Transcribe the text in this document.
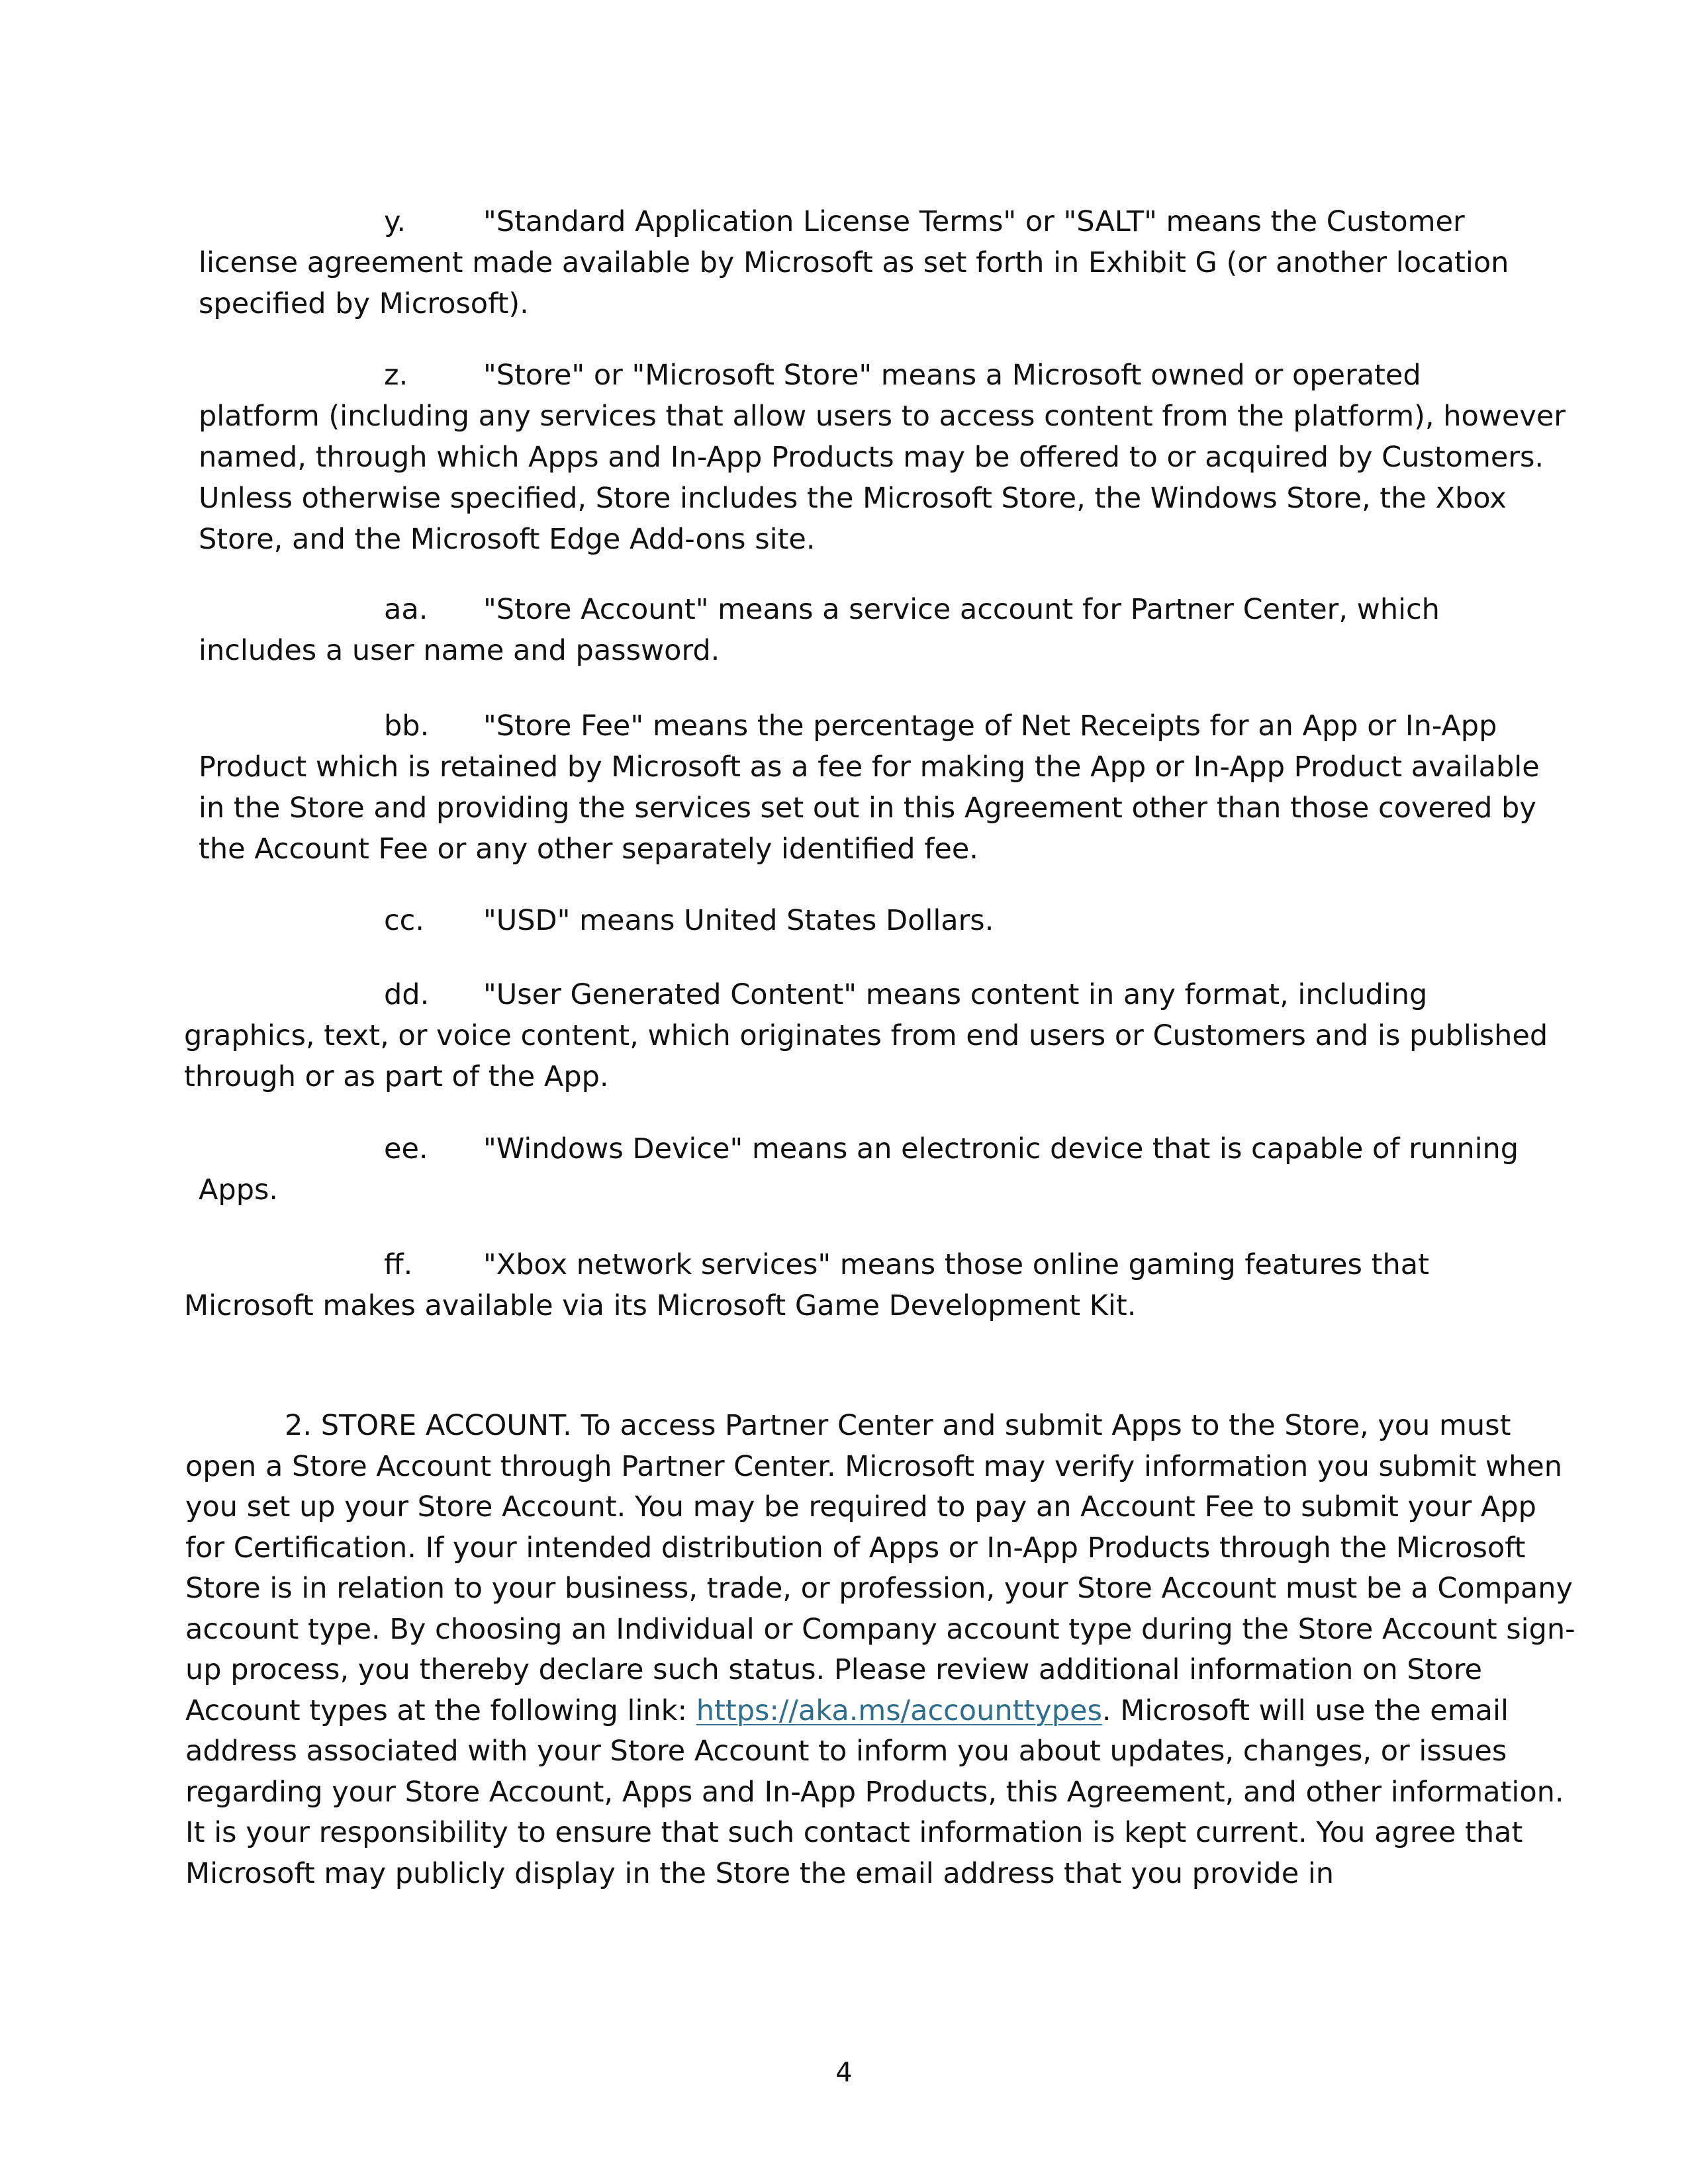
y.	"Standard Application License Terms" or "SALT" means the Customer
license agreement made available by Microsoft as set forth in Exhibit G (or another location
specified by Microsoft).
z.	"Store" or "Microsoft Store" means a Microsoft owned or operated
platform (including any services that allow users to access content from the platform), however
named, through which Apps and In-App Products may be offered to or acquired by Customers.
Unless otherwise specified, Store includes the Microsoft Store, the Windows Store, the Xbox
Store, and the Microsoft Edge Add-ons site.
aa. "Store Account" means a service account for Partner Center, which
includes a user name and password.
bb. "Store Fee" means the percentage of Net Receipts for an App or In-App
Product which is retained by Microsoft as a fee for making the App or In-App Product available
in the Store and providing the services set out in this Agreement other than those covered by
the Account Fee or any other separately identified fee.
cc. "USD" means United States Dollars.
dd. "User Generated Content" means content in any format, including
graphics, text, or voice content, which originates from end users or Customers and is published
through or as part of the App.
ee. "Windows Device" means an electronic device that is capable of running
Apps.
ff. "Xbox network services" means those online gaming features that
Microsoft makes available via its Microsoft Game Development Kit.
2. STORE ACCOUNT. To access Partner Center and submit Apps to the Store, you must
open a Store Account through Partner Center. Microsoft may verify information you submit when
you set up your Store Account. You may be required to pay an Account Fee to submit your App
for Certification. If your intended distribution of Apps or In-App Products through the Microsoft
Store is in relation to your business, trade, or profession, your Store Account must be a Company
account type. By choosing an Individual or Company account type during the Store Account sign-
up process, you thereby declare such status. Please review additional information on Store
Account types at the following link: https://aka.ms/accounttypes. Microsoft will use the email
address associated with your Store Account to inform you about updates, changes, or issues
regarding your Store Account, Apps and In-App Products, this Agreement, and other information.
It is your responsibility to ensure that such contact information is kept current. You agree that
Microsoft may publicly display in the Store the email address that you provide in
4
